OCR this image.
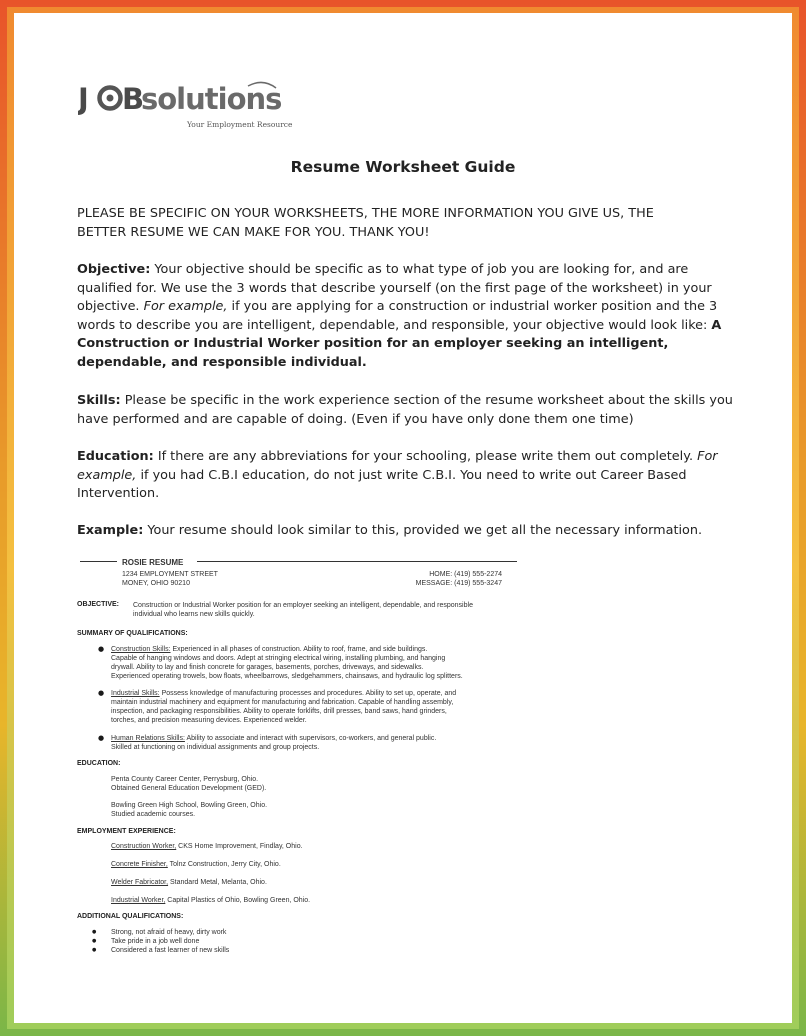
J B
solutions
Your Employment Resource
Resume Worksheet Guide
PLEASE BE SPECIFIC ON YOUR WORKSHEETS, THE MORE INFORMATION YOU GIVE US, THE
BETTER RESUME WE CAN MAKE FOR YOU. THANK YOU!
Objective: Your objective should be specific as to what type of job you are looking for, and are qualified for. We use the 3 words that describe yourself (on the first page of the worksheet) in your objective. For example, if you are applying for a construction or industrial worker position and the 3 words to describe you are intelligent, dependable, and responsible, your objective would look like: A Construction or Industrial Worker position for an employer seeking an intelligent, dependable, and responsible individual.
Skills: Please be specific in the work experience section of the resume worksheet about the skills you have performed and are capable of doing. (Even if you have only done them one time)
Education: If there are any abbreviations for your schooling, please write them out completely. For example, if you had C.B.I education, do not just write C.B.I. You need to write out Career Based Intervention.
Example: Your resume should look similar to this, provided we get all the necessary information.
ROSIE RESUME
1234 EMPLOYMENT STREET
MONEY, OHIO 90210
HOME: (419) 555-2274
MESSAGE: (419) 555-3247
OBJECTIVE: Construction or Industrial Worker position for an employer seeking an intelligent, dependable, and responsible
individual who learns new skills quickly.
SUMMARY OF QUALIFICATIONS:
● Construction Skills: Experienced in all phases of construction. Ability to roof, frame, and side buildings.
Capable of hanging windows and doors. Adept at stringing electrical wiring, installing plumbing, and hanging
drywall. Ability to lay and finish concrete for garages, basements, porches, driveways, and sidewalks.
Experienced operating trowels, bow floats, wheelbarrows, sledgehammers, chainsaws, and hydraulic log splitters.
● Industrial Skills: Possess knowledge of manufacturing processes and procedures. Ability to set up, operate, and
maintain industrial machinery and equipment for manufacturing and fabrication. Capable of handling assembly,
inspection, and packaging responsibilities. Ability to operate forklifts, drill presses, band saws, hand grinders,
torches, and precision measuring devices. Experienced welder.
● Human Relations Skills: Ability to associate and interact with supervisors, co-workers, and general public.
Skilled at functioning on individual assignments and group projects.
EDUCATION:
Penta County Career Center, Perrysburg, Ohio.
Obtained General Education Development (GED).
Bowling Green High School, Bowling Green, Ohio.
Studied academic courses.
EMPLOYMENT EXPERIENCE:
Construction Worker, CKS Home Improvement, Findlay, Ohio.
Concrete Finisher, Tolnz Construction, Jerry City, Ohio.
Welder Fabricator, Standard Metal, Melanta, Ohio.
Industrial Worker, Capital Plastics of Ohio, Bowling Green, Ohio.
ADDITIONAL QUALIFICATIONS:
● Strong, not afraid of heavy, dirty work
● Take pride in a job well done
● Considered a fast learner of new skills
